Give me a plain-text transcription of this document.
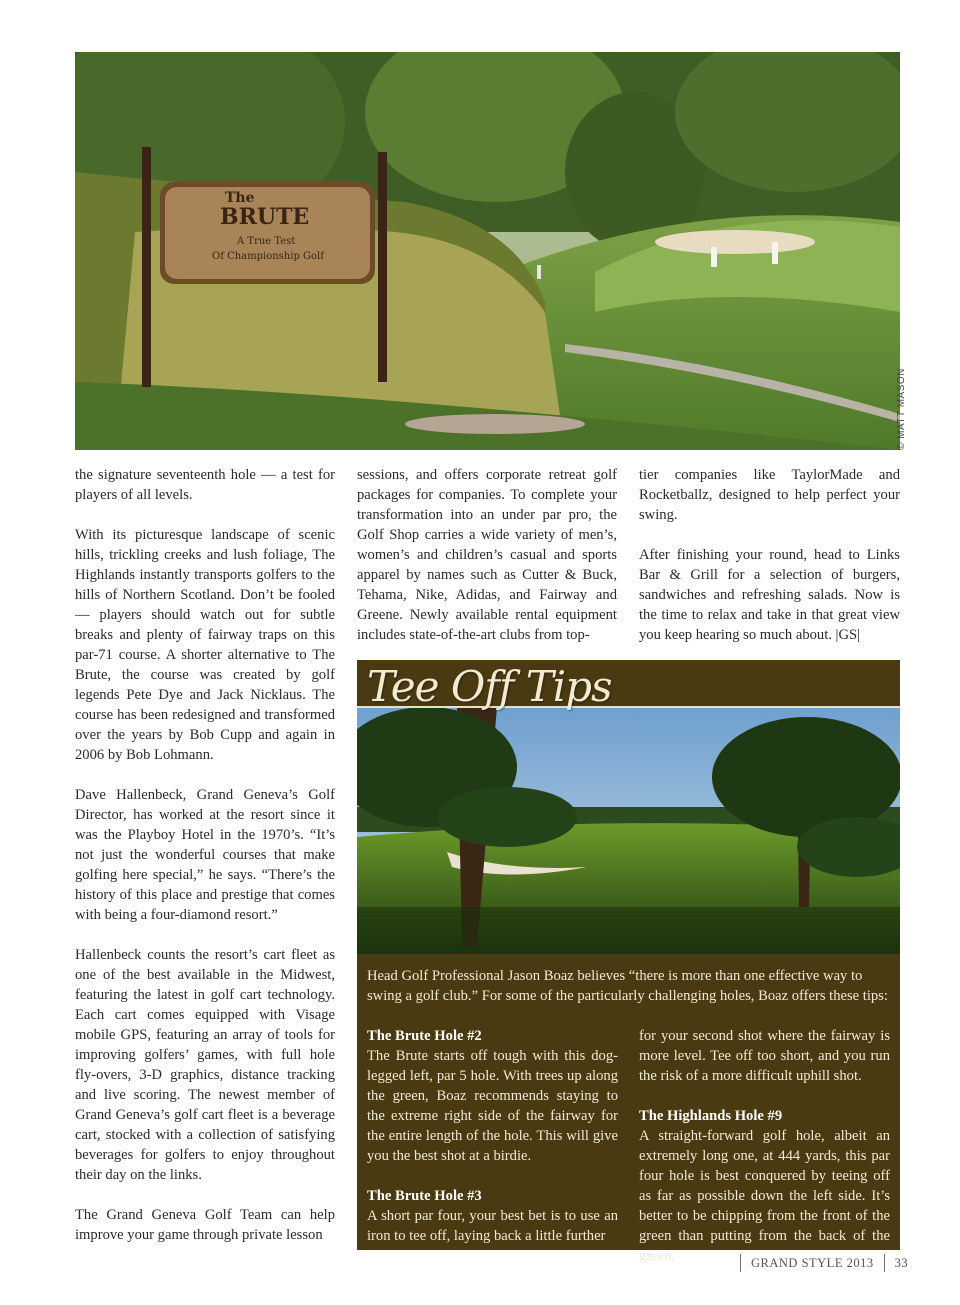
The
BRUTE
A True Test
Of Championship Golf
© MATT MASON

the signature seventeenth hole — a test for players of all levels.

With its picturesque landscape of scenic hills, trickling creeks and lush foliage, The Highlands instantly transports golfers to the hills of Northern Scotland. Don’t be fooled — players should watch out for subtle breaks and plenty of fairway traps on this par-71 course. A shorter alternative to The Brute, the course was created by golf legends Pete Dye and Jack Nicklaus. The course has been redesigned and transformed over the years by Bob Cupp and again in 2006 by Bob Lohmann.

Dave Hallenbeck, Grand Geneva’s Golf Director, has worked at the resort since it was the Playboy Hotel in the 1970’s. “It’s not just the wonderful courses that make golfing here special,” he says. “There’s the history of this place and prestige that comes with being a four-diamond resort.”

Hallenbeck counts the resort’s cart fleet as one of the best available in the Midwest, featuring the latest in golf cart technology. Each cart comes equipped with Visage mobile GPS, featuring an array of tools for improving golfers’ games, with full hole fly-overs, 3-D graphics, distance tracking and live scoring. The newest member of Grand Geneva’s golf cart fleet is a beverage cart, stocked with a collection of satisfying beverages for golfers to enjoy throughout their day on the links.

The Grand Geneva Golf Team can help improve your game through private lesson

sessions, and offers corporate retreat golf packages for companies. To complete your transformation into an under par pro, the Golf Shop carries a wide variety of men’s, women’s and children’s casual and sports apparel by names such as Cutter & Buck, Tehama, Nike, Adidas, and Fairway and Greene. Newly available rental equipment includes state-of-the-art clubs from top-

tier companies like TaylorMade and Rocketballz, designed to help perfect your swing.

After finishing your round, head to Links Bar & Grill for a selection of burgers, sandwiches and refreshing salads. Now is the time to relax and take in that great view you keep hearing so much about. |GS|

Tee Off Tips
Head Golf Professional Jason Boaz believes “there is more than one effective way to swing a golf club.” For some of the particularly challenging holes, Boaz offers these tips:
The Brute Hole #2

The Brute starts off tough with this dog-legged left, par 5 hole. With trees up along the green, Boaz recommends staying to the extreme right side of the fairway for the entire length of the hole. This will give you the best shot at a birdie.

The Brute Hole #3

A short par four, your best bet is to use an iron to tee off, laying back a little further

for your second shot where the fairway is more level. Tee off too short, and you run the risk of a more difficult uphill shot.

The Highlands Hole #9

A straight-forward golf hole, albeit an extremely long one, at 444 yards, this par four hole is best conquered by teeing off as far as possible down the left side. It’s better to be chipping from the front of the green than putting from the back of the green.	GRAND STYLE 2013 33
